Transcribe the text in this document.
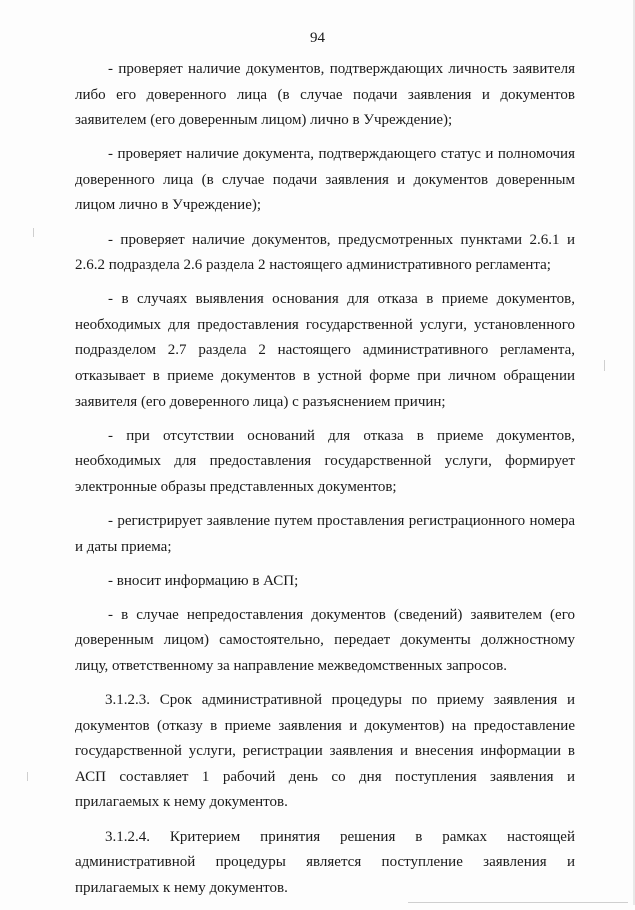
94

- проверяет наличие документов, подтверждающих личность заявителя либо его доверенного лица (в случае подачи заявления и документов заявителем (его доверенным лицом) лично в Учреждение);

- проверяет наличие документа, подтверждающего статус и полномочия доверенного лица (в случае подачи заявления и документов доверенным лицом лично в Учреждение);

- проверяет наличие документов, предусмотренных пунктами 2.6.1 и 2.6.2 подраздела 2.6 раздела 2 настоящего административного регламента;

- в случаях выявления основания для отказа в приеме документов, необходимых для предоставления государственной услуги, установленного подразделом 2.7 раздела 2 настоящего административного регламента, отказывает в приеме документов в устной форме при личном обращении заявителя (его доверенного лица) с разъяснением причин;

- при отсутствии оснований для отказа в приеме документов, необходимых для предоставления государственной услуги, формирует электронные образы представленных документов;

- регистрирует заявление путем проставления регистрационного номера и даты приема;

- вносит информацию в АСП;

- в случае непредоставления документов (сведений) заявителем (его доверенным лицом) самостоятельно, передает документы должностному лицу, ответственному за направление межведомственных запросов.

3.1.2.3. Срок административной процедуры по приему заявления и документов (отказу в приеме заявления и документов) на предоставление государственной услуги, регистрации заявления и внесения информации в АСП составляет 1 рабочий день со дня поступления заявления и прилагаемых к нему документов.

3.1.2.4. Критерием принятия решения в рамках настоящей административной процедуры является поступление заявления и прилагаемых к нему документов.
